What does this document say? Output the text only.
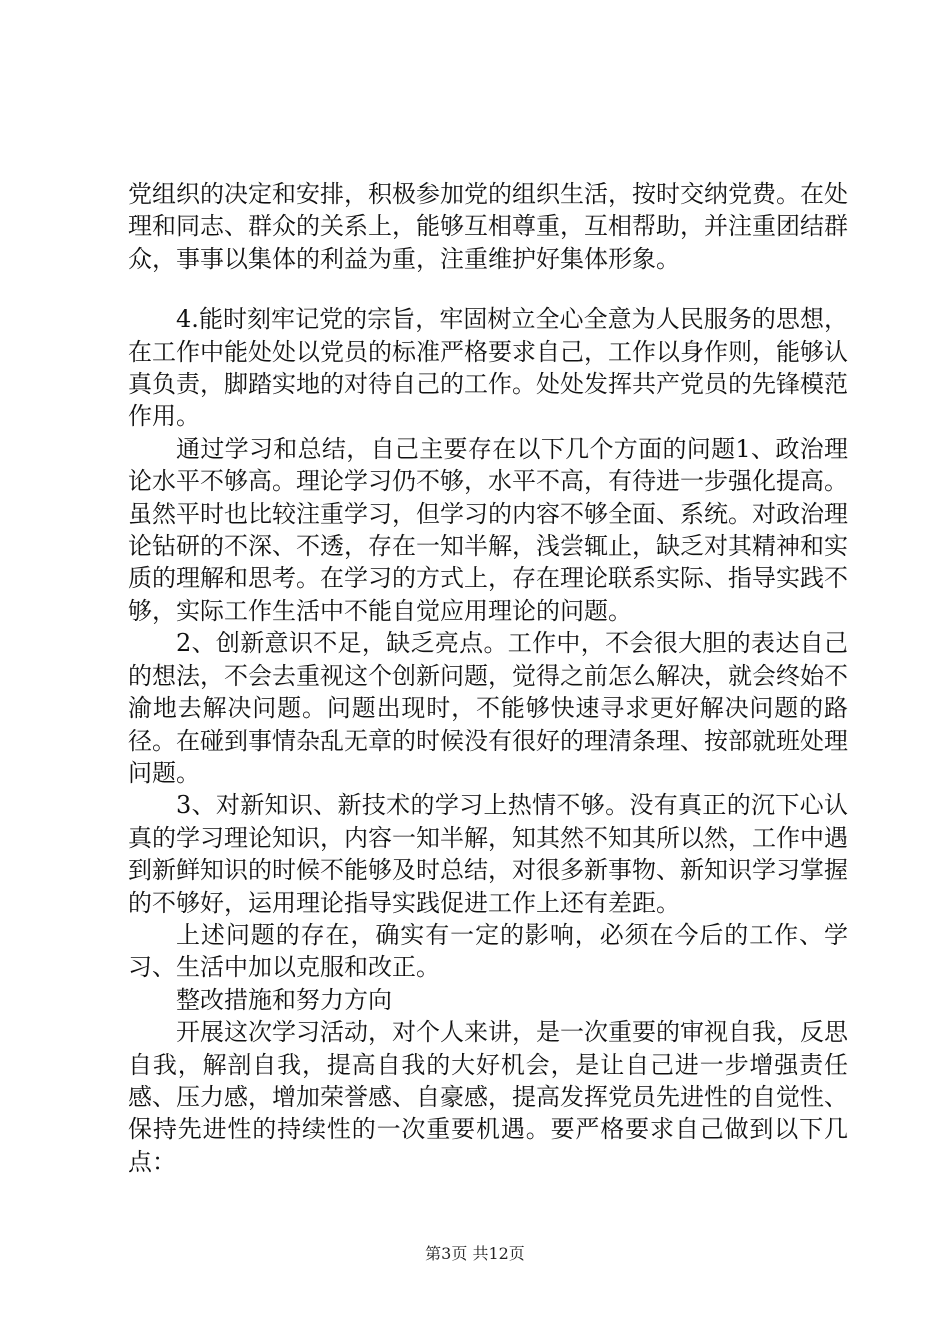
党组织的决定和安排，积极参加党的组织生活，按时交纳党费。在处理和同志、群众的关系上，能够互相尊重，互相帮助，并注重团结群众，事事以集体的利益为重，注重维护好集体形象。

4.能时刻牢记党的宗旨，牢固树立全心全意为人民服务的思想，在工作中能处处以党员的标准严格要求自己，工作以身作则，能够认真负责，脚踏实地的对待自己的工作。处处发挥共产党员的先锋模范作用。

通过学习和总结，自己主要存在以下几个方面的问题1、政治理论水平不够高。理论学习仍不够，水平不高，有待进一步强化提高。虽然平时也比较注重学习，但学习的内容不够全面、系统。对政治理论钻研的不深、不透，存在一知半解，浅尝辄止，缺乏对其精神和实质的理解和思考。在学习的方式上，存在理论联系实际、指导实践不够，实际工作生活中不能自觉应用理论的问题。

2、创新意识不足，缺乏亮点。工作中，不会很大胆的表达自己的想法，不会去重视这个创新问题，觉得之前怎么解决，就会终始不渝地去解决问题。问题出现时，不能够快速寻求更好解决问题的路径。在碰到事情杂乱无章的时候没有很好的理清条理、按部就班处理问题。

3、对新知识、新技术的学习上热情不够。没有真正的沉下心认真的学习理论知识，内容一知半解，知其然不知其所以然，工作中遇到新鲜知识的时候不能够及时总结，对很多新事物、新知识学习掌握的不够好，运用理论指导实践促进工作上还有差距。

上述问题的存在，确实有一定的影响，必须在今后的工作、学习、生活中加以克服和改正。

整改措施和努力方向

开展这次学习活动，对个人来讲，是一次重要的审视自我，反思自我，解剖自我，提高自我的大好机会，是让自己进一步增强责任感、压力感，增加荣誉感、自豪感，提高发挥党员先进性的自觉性、保持先进性的持续性的一次重要机遇。要严格要求自己做到以下几点：

第3页 共12页
